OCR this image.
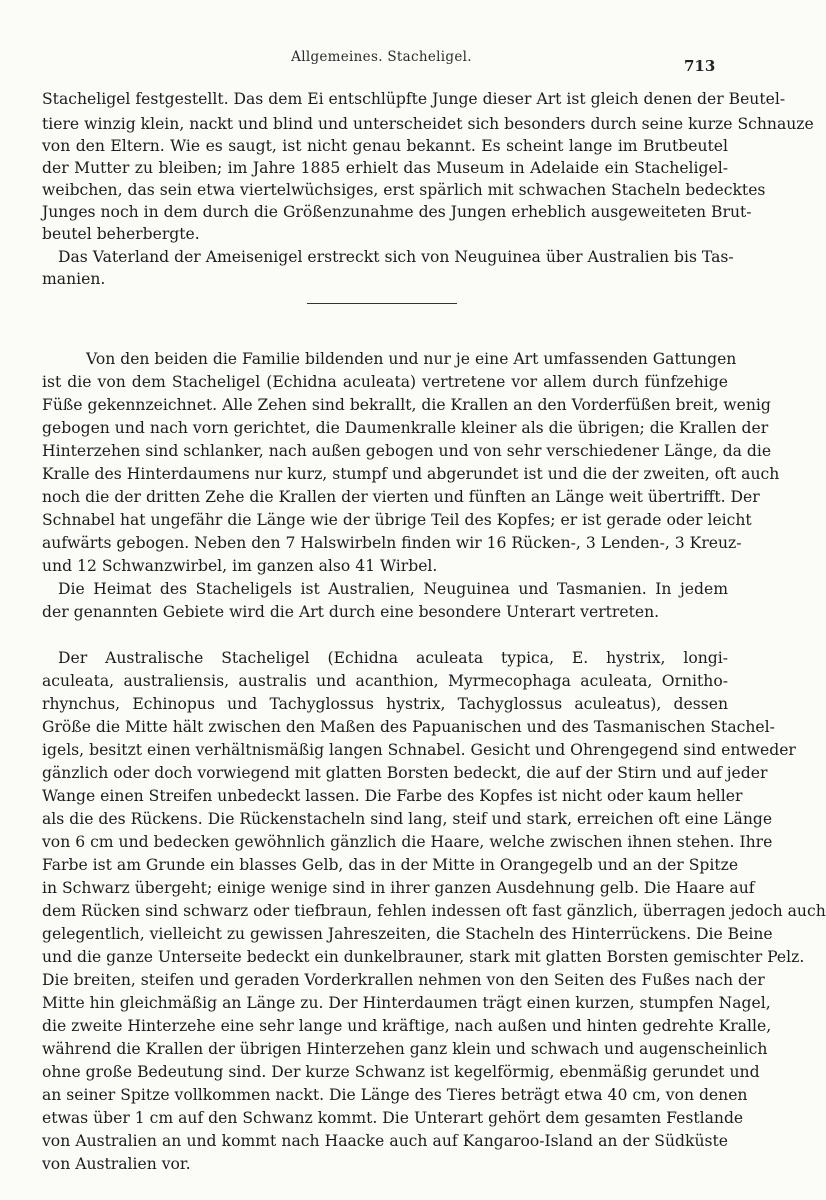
Allgemeines. Stacheligel.	713
Stacheligel festgestellt. Das dem Ei entschlüpfte Junge dieser Art ist gleich denen der Beutel-
tiere winzig klein, nackt und blind und unterscheidet sich besonders durch seine kurze Schnauze
von den Eltern. Wie es saugt, ist nicht genau bekannt. Es scheint lange im Brutbeutel
der Mutter zu bleiben; im Jahre 1885 erhielt das Museum in Adelaide ein Stacheligel-
weibchen, das sein etwa viertelwüchsiges, erst spärlich mit schwachen Stacheln bedecktes
Junges noch in dem durch die Größenzunahme des Jungen erheblich ausgeweiteten Brut-
beutel beherbergte.
Das Vaterland der Ameisenigel erstreckt sich von Neuguinea über Australien bis Tas-
manien.
Von den beiden die Familie bildenden und nur je eine Art umfassenden Gattungen
ist die von dem Stacheligel (Echidna aculeata) vertretene vor allem durch fünfzehige
Füße gekennzeichnet. Alle Zehen sind bekrallt, die Krallen an den Vorderfüßen breit, wenig
gebogen und nach vorn gerichtet, die Daumenkralle kleiner als die übrigen; die Krallen der
Hinterzehen sind schlanker, nach außen gebogen und von sehr verschiedener Länge, da die
Kralle des Hinterdaumens nur kurz, stumpf und abgerundet ist und die der zweiten, oft auch
noch die der dritten Zehe die Krallen der vierten und fünften an Länge weit übertrifft. Der
Schnabel hat ungefähr die Länge wie der übrige Teil des Kopfes; er ist gerade oder leicht
aufwärts gebogen. Neben den 7 Halswirbeln finden wir 16 Rücken-, 3 Lenden-, 3 Kreuz-
und 12 Schwanzwirbel, im ganzen also 41 Wirbel.
Die Heimat des Stacheligels ist Australien, Neuguinea und Tasmanien. In jedem
der genannten Gebiete wird die Art durch eine besondere Unterart vertreten.
Der Australische Stacheligel (Echidna aculeata typica, E. hystrix, longi-
aculeata, australiensis, australis und acanthion, Myrmecophaga aculeata, Ornitho-
rhynchus, Echinopus und Tachyglossus hystrix, Tachyglossus aculeatus), dessen
Größe die Mitte hält zwischen den Maßen des Papuanischen und des Tasmanischen Stachel-
igels, besitzt einen verhältnismäßig langen Schnabel. Gesicht und Ohrengegend sind entweder
gänzlich oder doch vorwiegend mit glatten Borsten bedeckt, die auf der Stirn und auf jeder
Wange einen Streifen unbedeckt lassen. Die Farbe des Kopfes ist nicht oder kaum heller
als die des Rückens. Die Rückenstacheln sind lang, steif und stark, erreichen oft eine Länge
von 6 cm und bedecken gewöhnlich gänzlich die Haare, welche zwischen ihnen stehen. Ihre
Farbe ist am Grunde ein blasses Gelb, das in der Mitte in Orangegelb und an der Spitze
in Schwarz übergeht; einige wenige sind in ihrer ganzen Ausdehnung gelb. Die Haare auf
dem Rücken sind schwarz oder tiefbraun, fehlen indessen oft fast gänzlich, überragen jedoch auch
gelegentlich, vielleicht zu gewissen Jahreszeiten, die Stacheln des Hinterrückens. Die Beine
und die ganze Unterseite bedeckt ein dunkelbrauner, stark mit glatten Borsten gemischter Pelz.
Die breiten, steifen und geraden Vorderkrallen nehmen von den Seiten des Fußes nach der
Mitte hin gleichmäßig an Länge zu. Der Hinterdaumen trägt einen kurzen, stumpfen Nagel,
die zweite Hinterzehe eine sehr lange und kräftige, nach außen und hinten gedrehte Kralle,
während die Krallen der übrigen Hinterzehen ganz klein und schwach und augenscheinlich
ohne große Bedeutung sind. Der kurze Schwanz ist kegelförmig, ebenmäßig gerundet und
an seiner Spitze vollkommen nackt. Die Länge des Tieres beträgt etwa 40 cm, von denen
etwas über 1 cm auf den Schwanz kommt. Die Unterart gehört dem gesamten Festlande
von Australien an und kommt nach Haacke auch auf Kangaroo-Island an der Südküste
von Australien vor.
